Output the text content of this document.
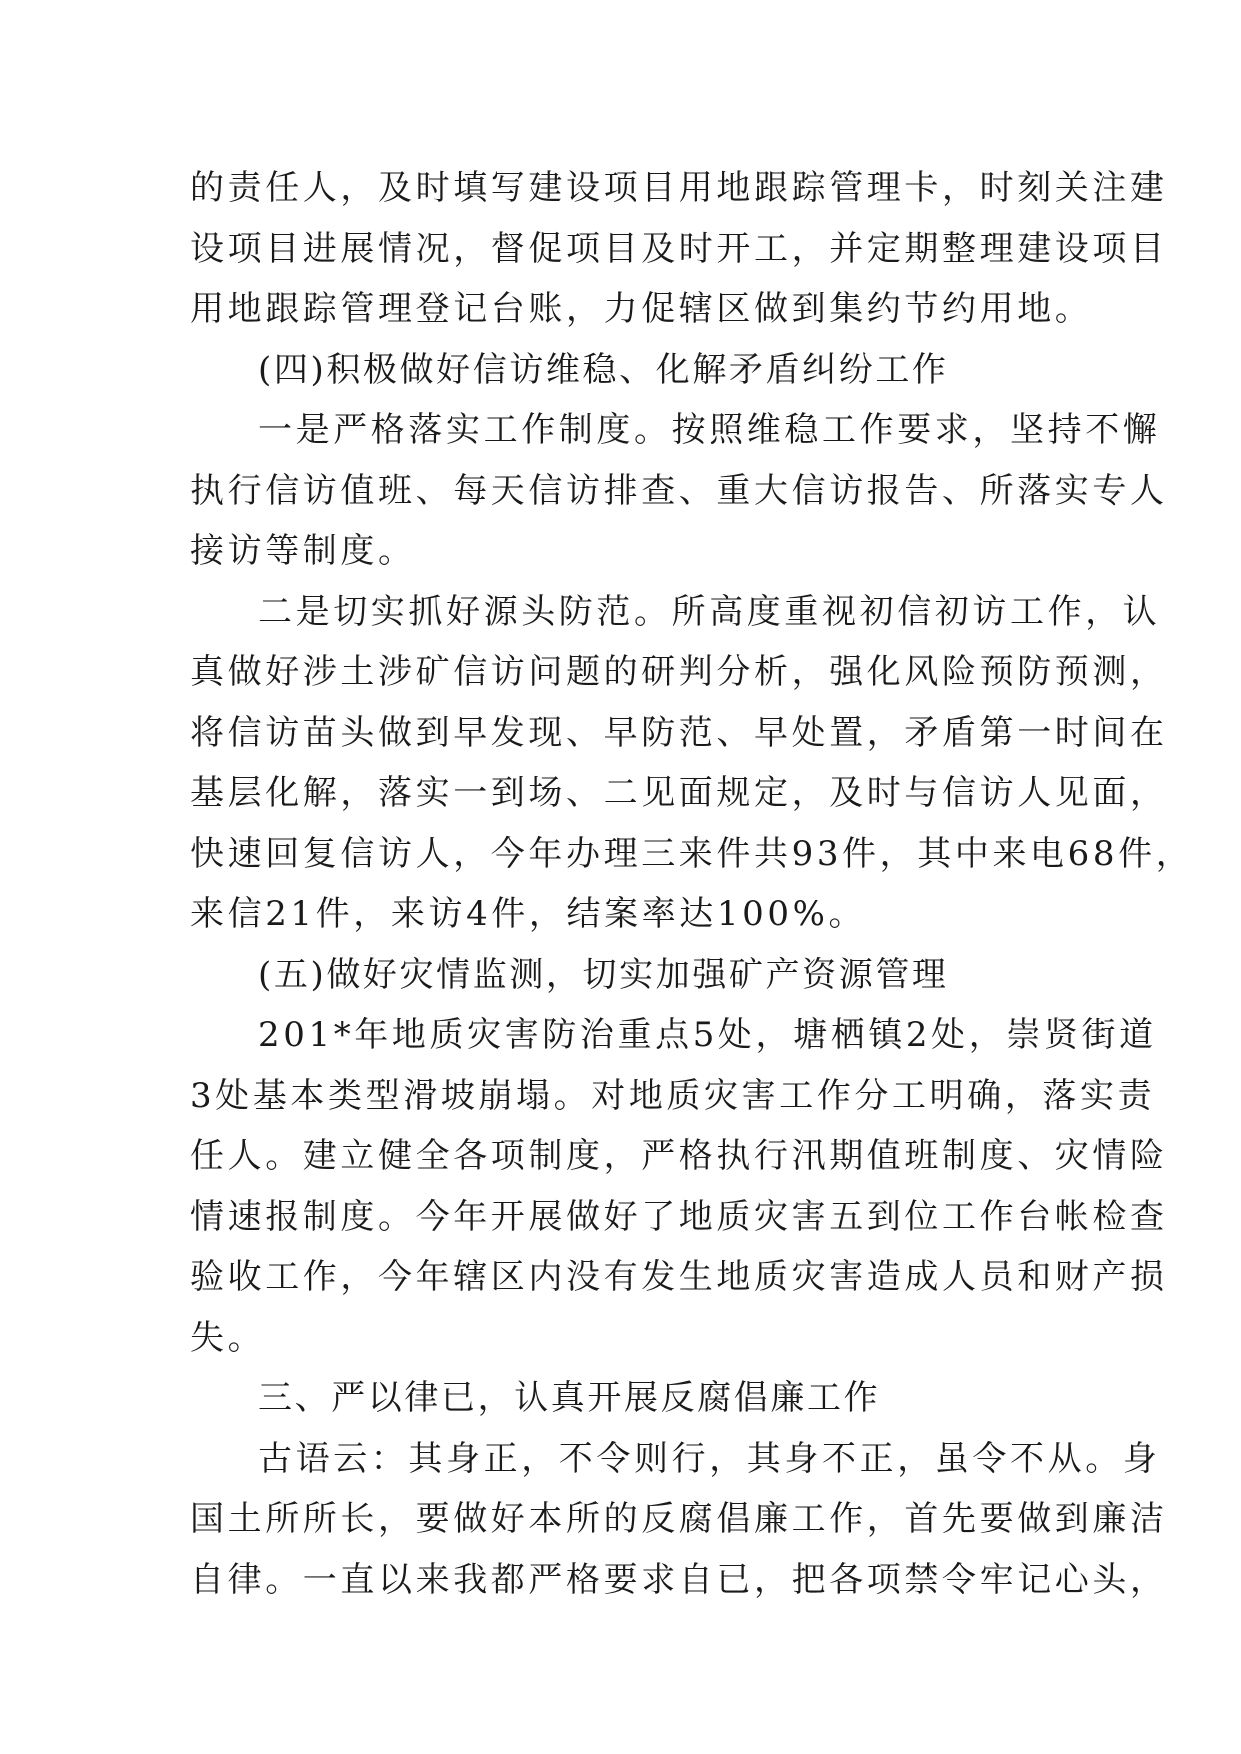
的责任人，及时填写建设项目用地跟踪管理卡，时刻关注建
设项目进展情况，督促项目及时开工，并定期整理建设项目
用地跟踪管理登记台账，力促辖区做到集约节约用地。
(四)积极做好信访维稳、化解矛盾纠纷工作
一是严格落实工作制度。按照维稳工作要求，坚持不懈
执行信访值班、每天信访排查、重大信访报告、所落实专人
接访等制度。
二是切实抓好源头防范。所高度重视初信初访工作，认
真做好涉土涉矿信访问题的研判分析，强化风险预防预测，
将信访苗头做到早发现、早防范、早处置，矛盾第一时间在
基层化解，落实一到场、二见面规定，及时与信访人见面，
快速回复信访人，今年办理三来件共93件，其中来电68件，
来信21件，来访4件，结案率达100%。
(五)做好灾情监测，切实加强矿产资源管理
201*年地质灾害防治重点5处，塘栖镇2处，崇贤街道
3处基本类型滑坡崩塌。对地质灾害工作分工明确，落实责
任人。建立健全各项制度，严格执行汛期值班制度、灾情险
情速报制度。今年开展做好了地质灾害五到位工作台帐检查
验收工作，今年辖区内没有发生地质灾害造成人员和财产损
失。
三、严以律已，认真开展反腐倡廉工作
古语云：其身正，不令则行，其身不正，虽令不从。身
国土所所长，要做好本所的反腐倡廉工作，首先要做到廉洁
自律。一直以来我都严格要求自已，把各项禁令牢记心头，
